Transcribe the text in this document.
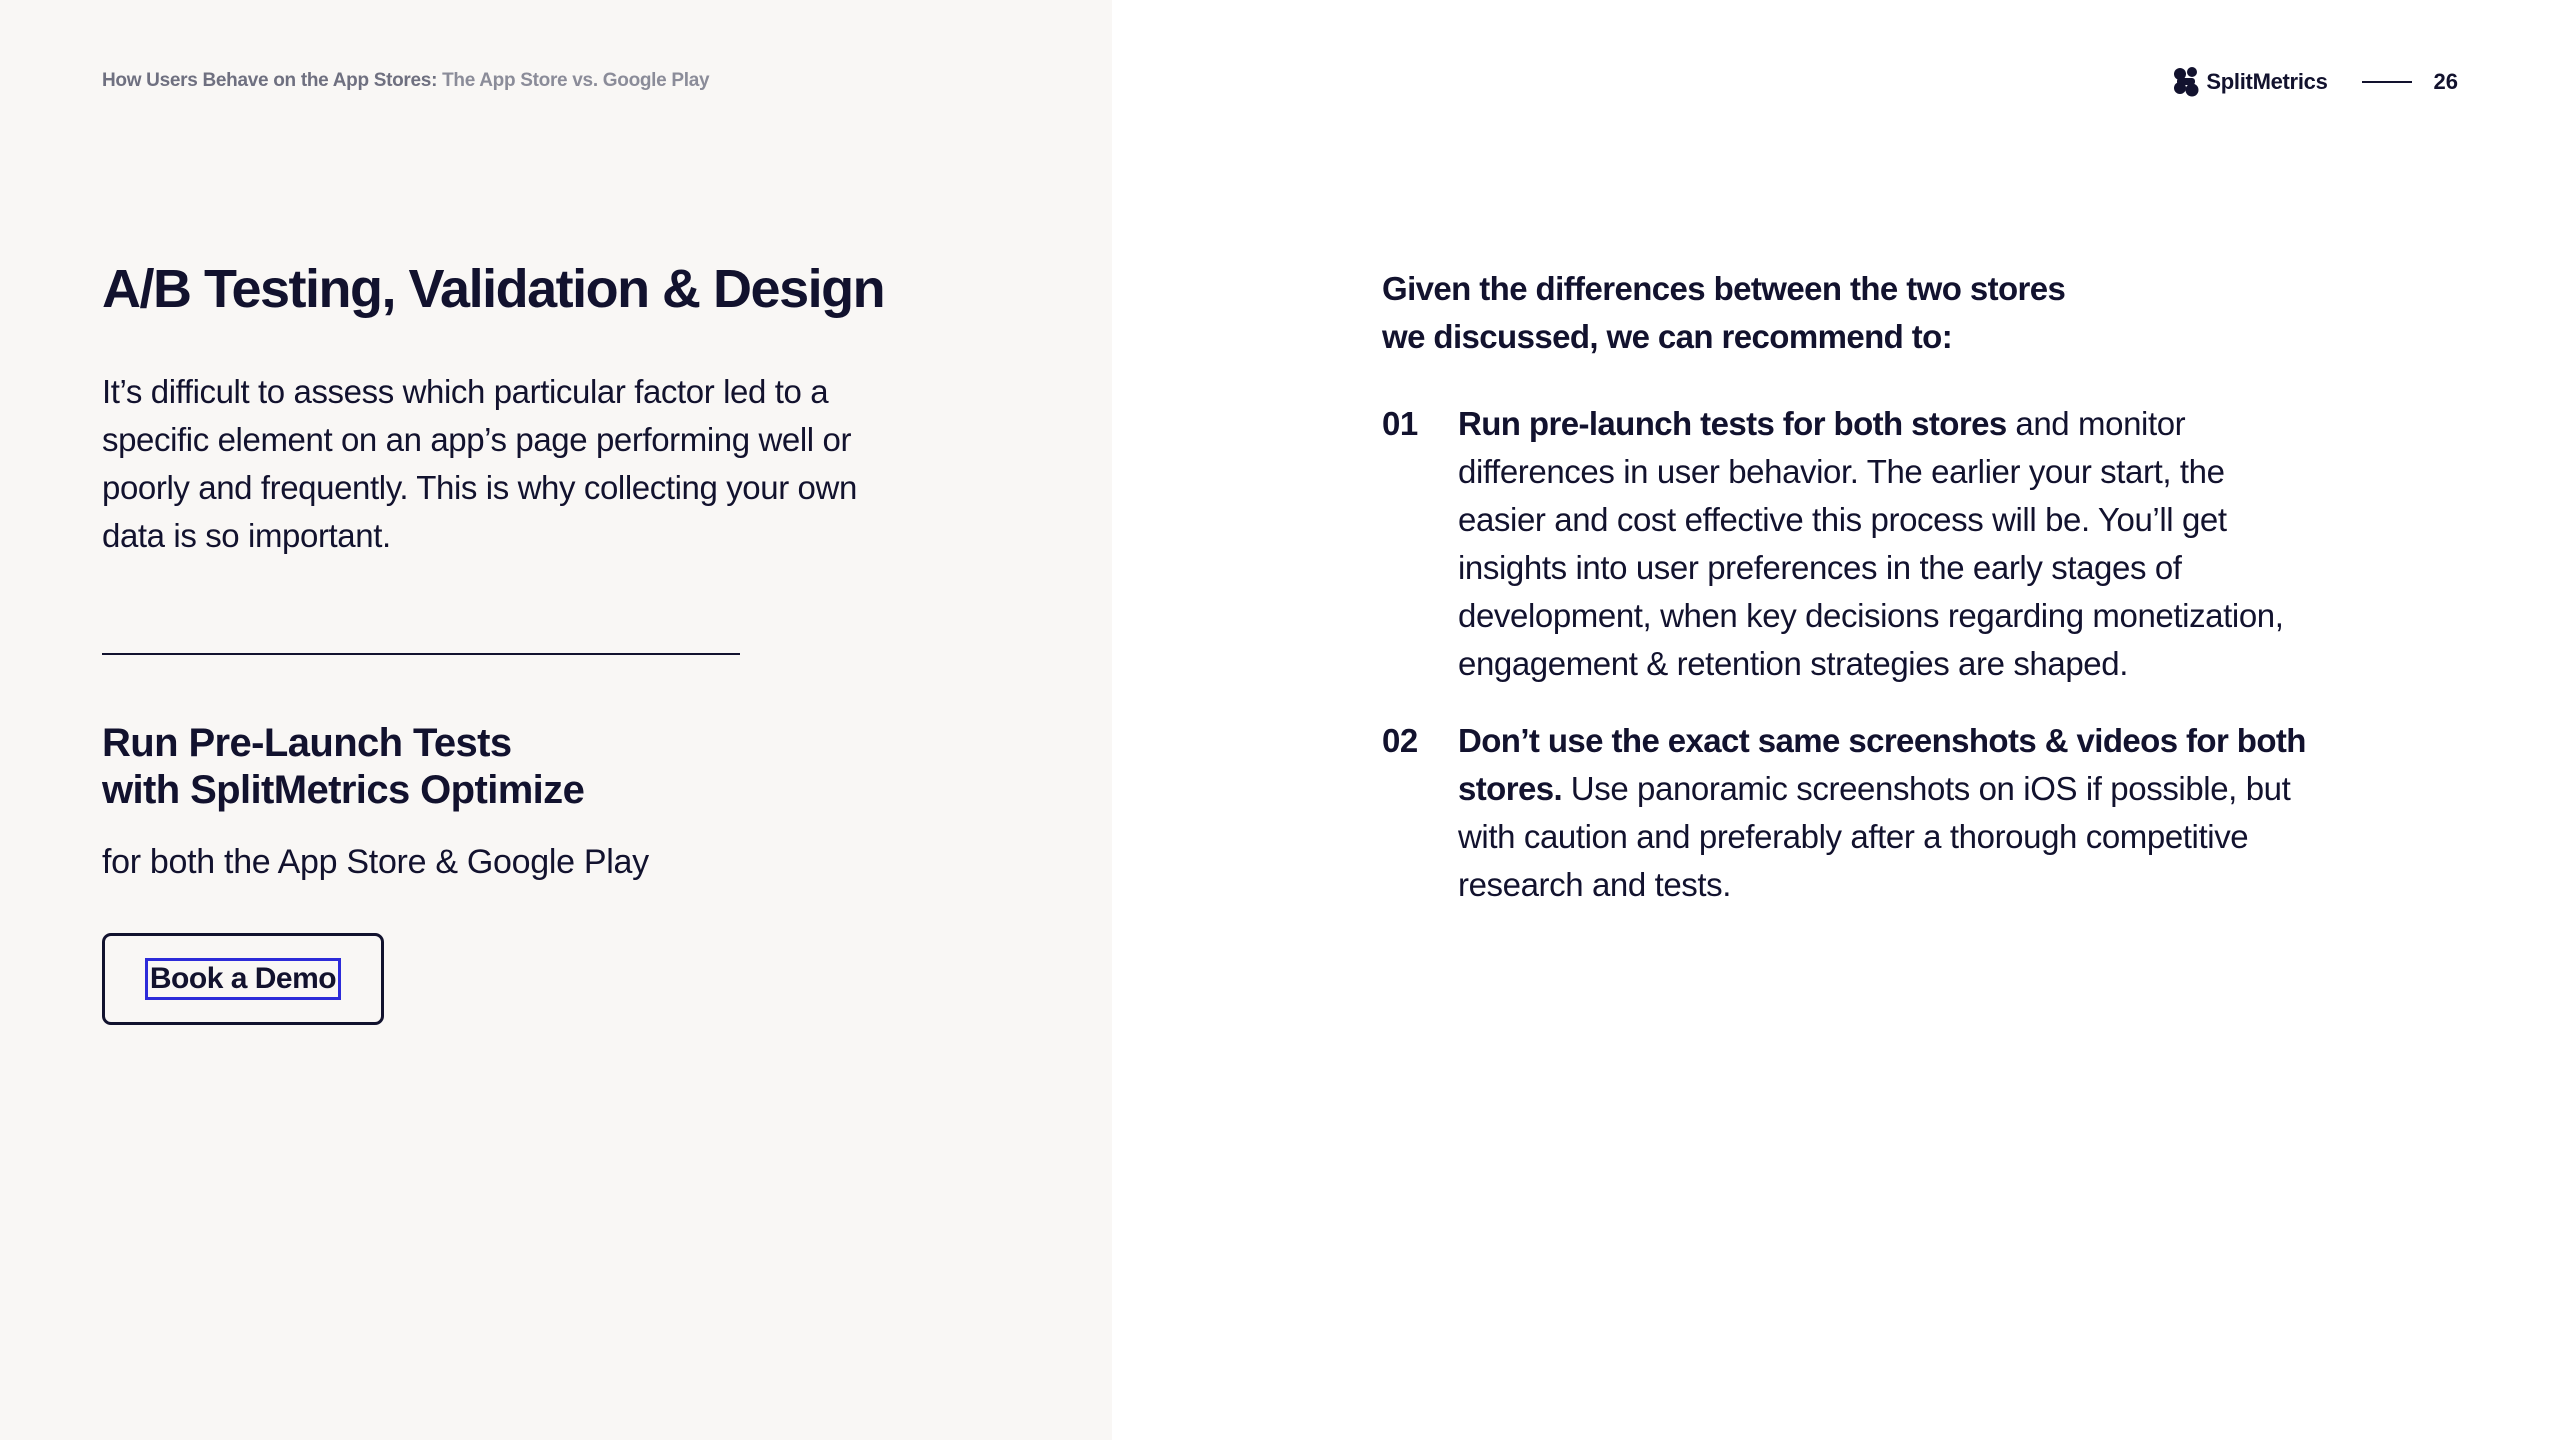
How Users Behave on the App Stores: The App Store vs. Google Play	SplitMetrics	26
A/B Testing, Validation & Design

It’s difficult to assess which particular factor led to a specific element on an app’s page performing well or poorly and frequently. This is why collecting your own data is so important.

Run Pre-Launch Tests
with SplitMetrics Optimize

for both the App Store & Google Play

Book a Demo

Given the differences between the two stores
we discussed, we can recommend to:

01 Run pre-launch tests for both stores and monitor differences in user behavior. The earlier your start, the easier and cost effective this process will be. You’ll get insights into user preferences in the early stages of development, when key decisions regarding monetization, engagement & retention strategies are shaped.
02 Don’t use the exact same screenshots & videos for both stores. Use panoramic screenshots on iOS if possible, but with caution and preferably after a thorough competitive research and tests.
